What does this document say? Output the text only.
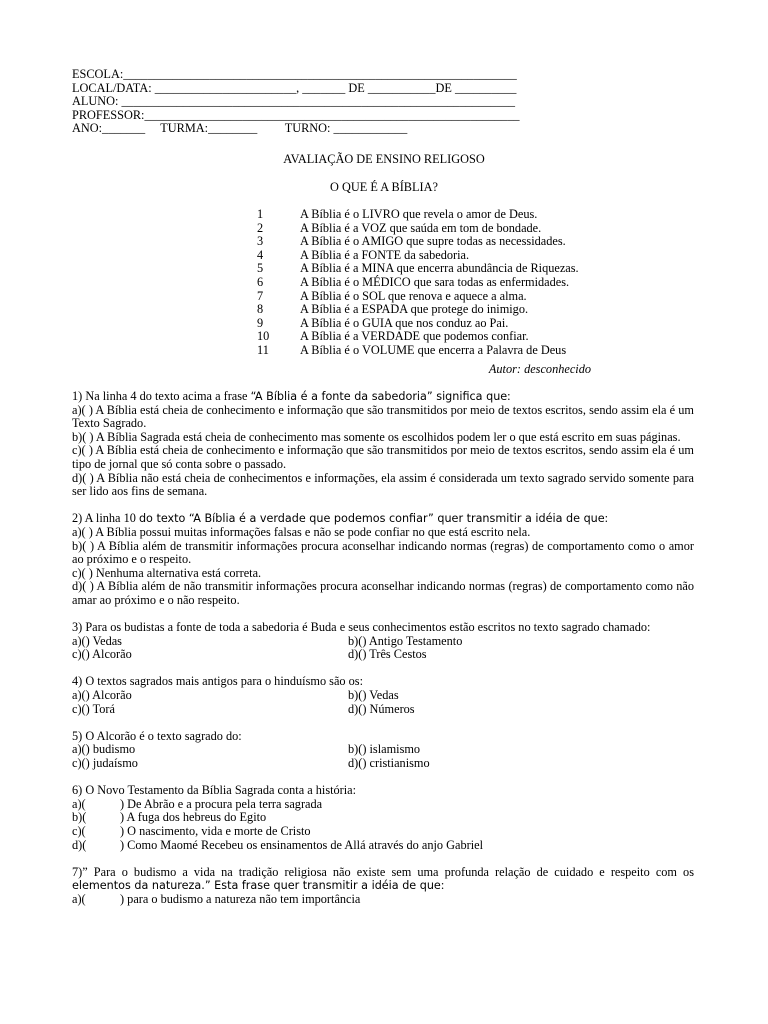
ESCOLA:________________________________________________________________
LOCAL/DATA: _______________________, _______ DE ___________DE __________
ALUNO: ________________________________________________________________
PROFESSOR:_____________________________________________________________
ANO:_______     TURMA:________         TURNO: ____________
AVALIAÇÃO DE ENSINO RELIGOSO
O QUE É A BÍBLIA?
1	A Bíblia é o LIVRO que revela o amor de Deus.
2	A Bíblia é a VOZ que saúda em tom de bondade.
3	A Bíblia é o AMIGO que supre todas as necessidades.
4	A Bíblia é a FONTE da sabedoria.
5	A Bíblia é a MINA que encerra abundância de Riquezas.
6	A Bíblia é o MÉDICO que sara todas as enfermidades.
7	A Bíblia é o SOL que renova e aquece a alma.
8	A Bíblia é a ESPADA que protege do inimigo.
9	A Bíblia é o GUIA que nos conduz ao Pai.
10 A Bíblia é a VERDADE que podemos confiar.
11	A Bíblia é o VOLUME que encerra a Palavra de Deus
Autor: desconhecido
1) Na linha 4 do texto acima a frase “A Bíblia é a fonte da sabedoria” significa que:
a)( ) A Bíblia está cheia de conhecimento e informação que são transmitidos por meio de textos escritos, sendo assim ela é um Texto Sagrado.
b)( ) A Bíblia Sagrada está cheia de conhecimento mas somente os escolhidos podem ler o que está escrito em suas páginas.
c)( ) A Bíblia está cheia de conhecimento e informação que são transmitidos por meio de textos escritos, sendo assim ela é um tipo de jornal que só conta sobre o passado.
d)( ) A Bíblia não está cheia de conhecimentos e informações, ela assim é considerada um texto sagrado servido somente para ser lido aos fins de semana.
2) A linha 10 do texto “A Bíblia é a verdade que podemos confiar” quer transmitir a idéia de que:
a)( ) A Bíblia possui muitas informações falsas e não se pode confiar no que está escrito nela.
b)( ) A Bíblia além de transmitir informações procura aconselhar indicando normas (regras) de comportamento como o amor ao próximo e o respeito.
c)( ) Nenhuma alternativa está correta.
d)( ) A Bíblia além de não transmitir informações procura aconselhar indicando normas (regras) de comportamento como não amar ao próximo e o não respeito.
3) Para os budistas a fonte de toda a sabedoria é Buda e seus conhecimentos estão escritos no texto sagrado chamado:
a)() Vedas	b)() Antigo Testamento
c)() Alcorão	d)() Três Cestos
4) O textos sagrados mais antigos para o hinduísmo são os:
a)() Alcorão	b)() Vedas
c)() Torá	d)() Números
5) O Alcorão é o texto sagrado do:
a)() budismo	b)() islamismo
c)() judaísmo	d)() cristianismo
6) O Novo Testamento da Bíblia Sagrada conta a história:
a)(	) De Abrão e a procura pela terra sagrada
b)(	) A fuga dos hebreus do Egito
c)(	) O nascimento, vida e morte de Cristo
d)(	) Como Maomé Recebeu os ensinamentos de Allá através do anjo Gabriel
7)” Para o budismo a vida na tradição religiosa não existe sem uma profunda relação de cuidado e respeito com os elementos da natureza.” Esta frase quer transmitir a idéia de que:
a)(	) para o budismo a natureza não tem importância
